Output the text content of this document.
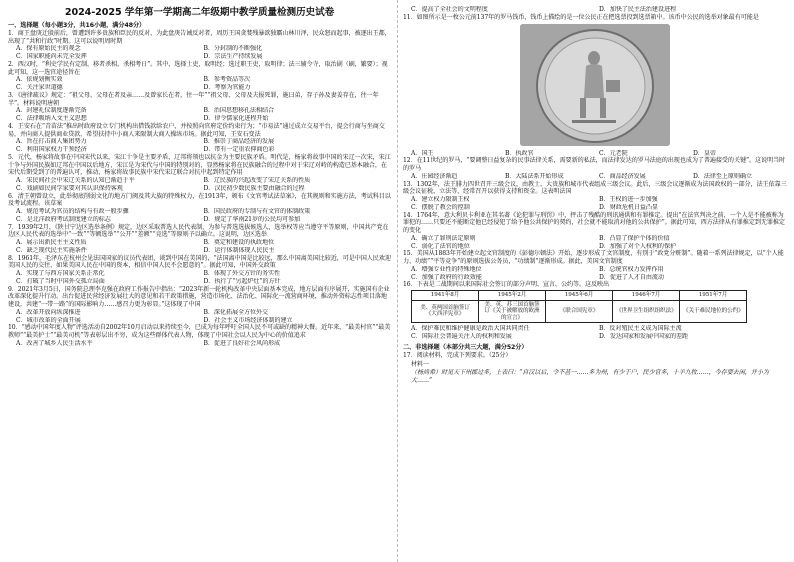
2024-2025 学年第一学期高二年级期中教学质量检测历史试卷
一、选择题（每小题3分，共16小题，满分48分）
1．商王盘庚迁殷前后，曾遭到许多贵族和臣民的反对，为此盘庚告诫反对者，周历王国贪婪残暴欲独霸山林川泽，民众怒而起事，被逐出王都，出现了“共和行政”时期。这可以说明周时期
A．保有原始民主的观念	B．分封制的不断强化
C．国家职能尚未完全发挥	D．宗法生产持续发展
2．西汉时，“利史学民有定制，移者杀相，杀相考日”。其中，选择士吏，取明经；选过职王吏，取明律；法三辅令寺，取治剧（刷，繁要）；视此可知，这一选官途径旨在
A．依规划衡实效	B．参考资品等次
C．关注家世道德	D．考察为官能力
3．《唐律疏议》规定：“祖父母、父母在者及亲……及曾家长在者，往一年”“祖父母、父母及夫报死罪，施曰弟，存子孙及妻姜存在，往一年半”。材料说明唐朝
A．封建礼仪制度逐渐完备	B．治国思想移孔法相结合
C．法律吸纳入文主义思想	D．律令儒家化进程开始
4．王安石在“青苗法”推出时政府设立专门机构出借钱款给农户，并按照向官府定价约束行为；“市易法”通过成立交易平台，提会行商与坐商交易，并向商人提供商业贷款，希望扶持中小商人来限制大商人操纵市场。据此可知，王安石变法
A．旨在打击商人集团势力	B．推崇丁商品经济的发展
C．利用国家权力干预经济	D．带有一定重农抑商色彩
5．元代，杨家将故事在中国宋代以来，宋江十争是主要矛盾，辽邦将领也以抗金为主要民族矛盾。明代是，杨家将故事中国的宋辽一次宋，宋江十争与外国民族如辽邦在中国以后地方，宋江是为宋代与中国的特别对的，显然杨家将在民族融合的过程中对于宋辽对峙的构造已基本融合，在宋代后期受到了的普遍认可，推动，杨家将故事民族中宋代宋辽联合对抗中起到特定作用
A．宋民间社会中宋辽关系的认知已渐趋于平	B．辽民族的兴起改变了宋辽关系的性质
C．戏剧如民间学家要对其认识保持客观	D．汉民初少数民族主要由融合的过程
6．清王朝曾设立，此举彻底削弱文化的地方门阀及其大族的特殊权力，在1913年，颁布《文官考试法草案》，在其规则和实施方法，考试科目以及考试流程。该草案
A．规范考试为官员的结构与有政一般步骤	B．国民政府的专制与有文官的体制政策
C．是北洋政府考试制度建立的标志	D．规定了华南21岁的公民均可参加
7．1939年2月，《陕甘宁边区选举条例》规定，边区采取普选人民代表制，为参与普选选拔候选人，选举权等应当遵守平等原则，中国共产党在边区人民代表的选举中“一致”“等额选举”“公开”“差额”“竞选”等原则予以确立。这说明，边区选举
A．展示出新民主主义性质	B．奠定和建设的执政地位
C．缺乏现代民主实施条件	D．运行体制体现人民民主
8．1961年，毛泽东在杭州会见法国国家的议员代表团，谈到中国在美国的，“法国离中国是比较远，那么中国离美国比较近，可是中国人民欢迎美国人民的交往，如果美国人民在中国的资本，相信中国人民不会愿意的”。据此可知，中国外交政策
A．实现了与西方国家关系正常化	B．体现了外交方针的务实性
C．打破了当时中国外交孤立局面	D．执行了“另起炉灶”的方针
9．2021年3月5日，国务院总理李克强在政府工作报告中指出：“2023年新一轮机构改革中央层面基本完成，地方层面有序展开，实施国有企业改革深化提升行动。出台促进民营经济发展壮大的意见和若干政策措施，营造市场化、法治化、国际化一流营商环境，推动外资标志性项目落地建设，共建“一带一路”的国际影响力……感召力更为彰显。”这体现了中国
A．改革开放向纵深推进	B．深化拓展全方位外交
C．城市改革的全面开展	D．社会主义市场经济体制的建立
10．“感动中国年度人物”评选活动自2002年10月启动以来持续至今，已成为每年呼吁全国人民不可或缺的精神大餐。近年来，“最美村官”“最美教师”“最美护士”“最美司机”等表彰层出不穷，成为这些群体代表人物，体现了中国社会以人民为中心的价值追求
A．改善了城乡人民生活水平	B．促进了良好社会风尚形成
C．提高了全社会的文明程度	D．加快了民主法治建设进程
11．如图所示是一枚公元前137年的罗马钱币，钱币上描绘的是一位公民正在把选票投到选票箱中。该币中公民的选举对象最有可能是
A．国王	B．执政官	C．元老院	D．皇帝
12．在11世纪的罗马，“要调整日益复杂的民事法律关系，需要新的私法，而法律发达的罗马法庭的出现也成为了普遍接受的关键”。这说明当时的罗马
A．庄园经济渐趋	B．大陆法系开始形成	C．商品经济发展	D．法律至上原则确立
13．1302年，法王腓力四世召开三级会议，由教士、大贵族和城市代表组成三级会议。此后，三级会议逐渐成为法国政权的一部分，法王依靠三级会议征税、立法等，经常召开以获得支持和资金。这表明法国
A．建立权力限制王权	B．王权的进一步加强
C．摆脱了教会的控制	D．财政危机日益凸显
14．1764年，意大利贝卡利亚在其名著《论犯罪与刑罚》中，抨击了残酷的刑讯通供和有罪推定。提出“在法官判决之前，一个人是不能被称为罪犯的……只要还不能断定他已经侵犯了给予他公共保护的契约，社会就不能取消对他的公共保护”。据此可知，西方法律从有罪推定到无罪推定的变化
A．确立了罪刑法定原则	B．凸显了保护个体的价值
C．弱化了法官的地位	D．加强了对个人权利的保护
15．美国从1883年开始建立起文官制度的《彭德尔顿法》开始，逐步形成了文官制度，有别于“政党分赃制”。随着一系列法律规定，以“个人能力、功绩”“平等竞争”的原则选拔公务员，“功绩制”逐渐形成。据此，美国文官制度
A．增强专业性的特殊地位	B．总统官权力发挥作用
C．加强了政府的行政效能	D．促进了人才自由流动
16．下表是二战期间以来国际社会签订的部分声明、宣言、公约等。这反映出
1941年8月	1945年2月	1945年6月	1946年7月	1951年7月
美、英两国首脑签订《大西洋宪章》	美、英、苏三国首脑签订《关于被解放的欧洲的宣言》	《联合国宪章》	《世界卫生组织组织法》	《关于难民地位的公约》
A．保护难民和维护健康是政治大国共同责任	B．反对殖民主义成为国际主流
C．国际社会普遍关注人的权利和发展	D．发达国家和发展中国家的差距
二、非选择题（本部分共三大题，满分52分）
17．阅读材料，完成下列要求。（25分）
材料一
（杨尚希）时见天下州郡过多，上表曰：“自汉以后，令不甚一……多为州，有少于户，民少官多，十羊九牧……，今存要去闲，并小为大……”
